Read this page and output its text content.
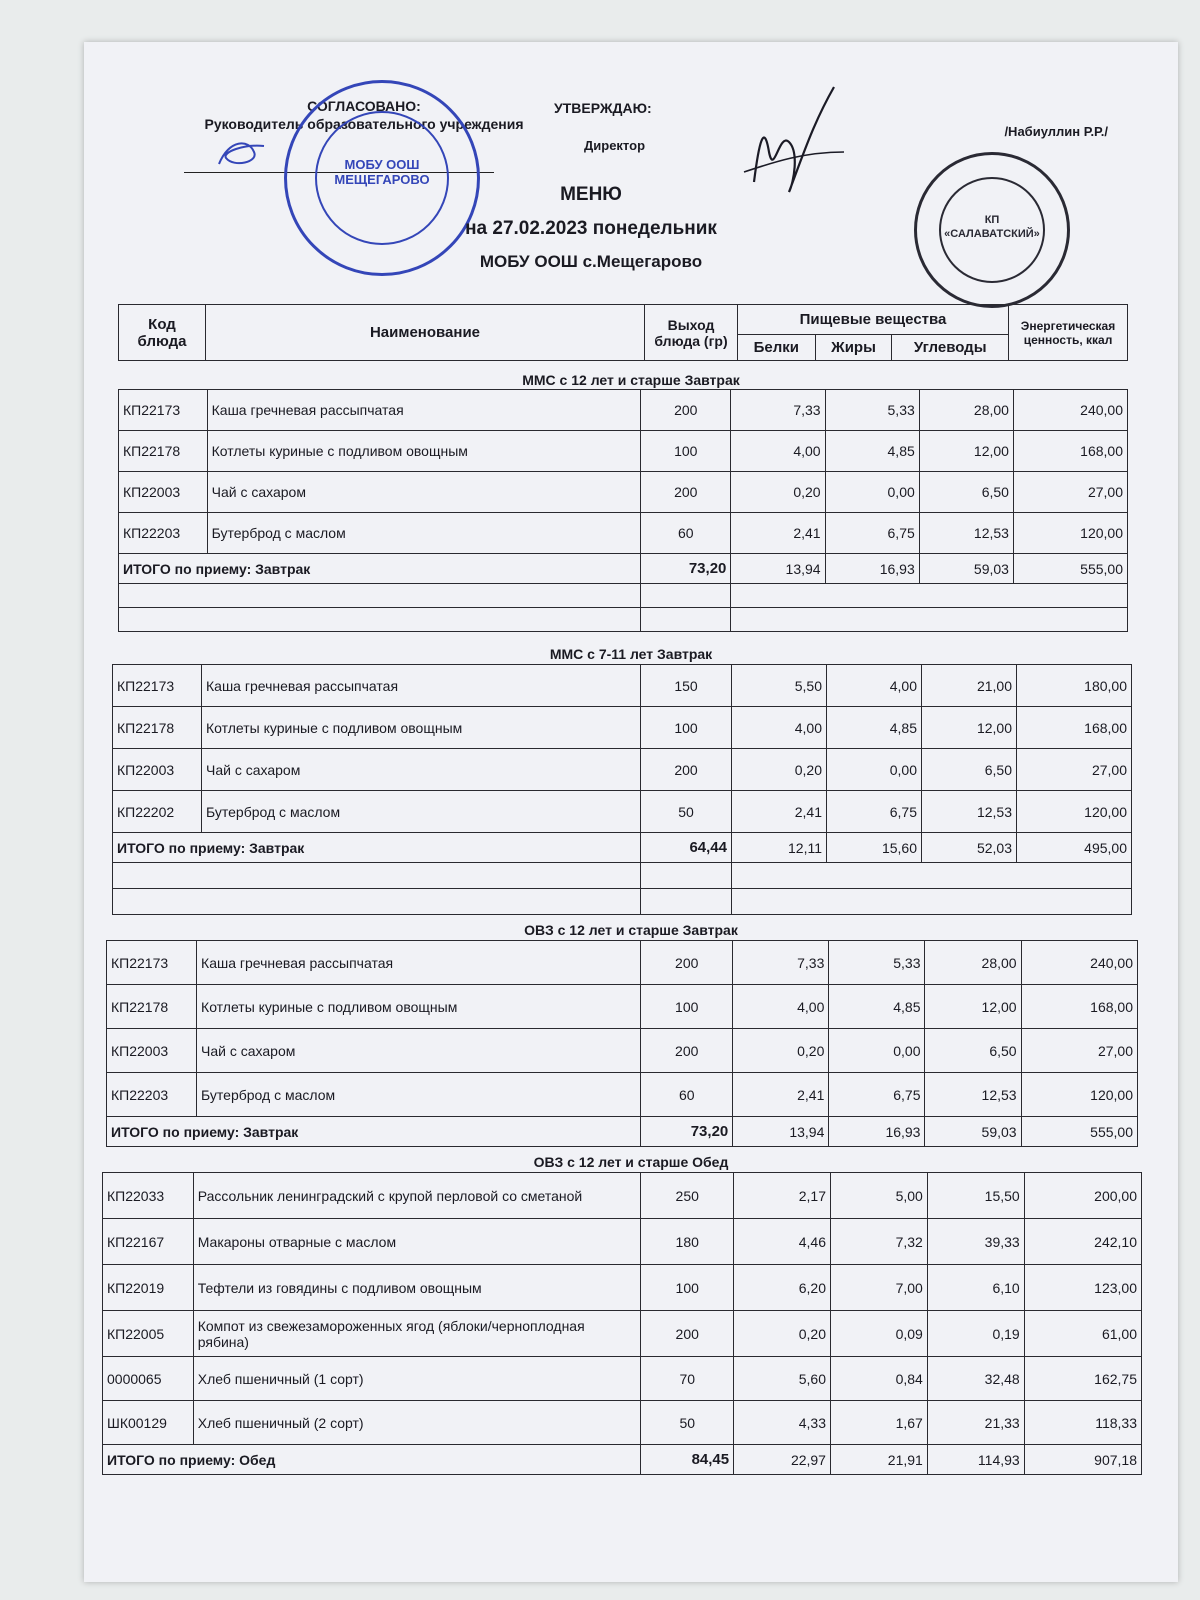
СОГЛАСОВАНО:
Руководитель образовательного учреждения
УТВЕРЖДАЮ:
Директор
/Набиуллин Р.Р./
МОБУ ООШ
МЕЩЕГАРОВО
КП
«САЛАВАТСКИЙ»
МЕНЮ
на 27.02.2023 понедельник
МОБУ ООШ с.Мещегарово
Код блюда	Наименование	Выход блюда (гр)	Пищевые вещества			Энергетическая ценность, ккал
			Белки	Жиры	Углеводы	
ММС с 12 лет и старше Завтрак
КП22173	Каша гречневая рассыпчатая	200	7,33	5,33	28,00	240,00
КП22178	Котлеты куриные с подливом овощным	100	4,00	4,85	12,00	168,00
КП22003	Чай с сахаром	200	0,20	0,00	6,50	27,00
КП22203	Бутерброд с маслом	60	2,41	6,75	12,53	120,00
ИТОГО по приему: Завтрак		73,20	13,94	16,93	59,03	555,00

ММС с 7-11 лет Завтрак
КП22173	Каша гречневая рассыпчатая	150	5,50	4,00	21,00	180,00
КП22178	Котлеты куриные с подливом овощным	100	4,00	4,85	12,00	168,00
КП22003	Чай с сахаром	200	0,20	0,00	6,50	27,00
КП22202	Бутерброд с маслом	50	2,41	6,75	12,53	120,00
ИТОГО по приему: Завтрак		64,44	12,11	15,60	52,03	495,00

ОВЗ с 12 лет и старше Завтрак
КП22173	Каша гречневая рассыпчатая	200	7,33	5,33	28,00	240,00
КП22178	Котлеты куриные с подливом овощным	100	4,00	4,85	12,00	168,00
КП22003	Чай с сахаром	200	0,20	0,00	6,50	27,00
КП22203	Бутерброд с маслом	60	2,41	6,75	12,53	120,00
ИТОГО по приему: Завтрак		73,20	13,94	16,93	59,03	555,00
ОВЗ с 12 лет и старше Обед
КП22033	Рассольник ленинградский с крупой перловой со сметаной	250	2,17	5,00	15,50	200,00
КП22167	Макароны отварные с маслом	180	4,46	7,32	39,33	242,10
КП22019	Тефтели из говядины с подливом овощным	100	6,20	7,00	6,10	123,00
КП22005	Компот из свежезамороженных ягод (яблоки/черноплодная рябина)	200	0,20	0,09	0,19	61,00
0000065	Хлеб пшеничный (1 сорт)	70	5,60	0,84	32,48	162,75
ШК00129	Хлеб пшеничный (2 сорт)	50	4,33	1,67	21,33	118,33
ИТОГО по приему: Обед		84,45	22,97	21,91	114,93	907,18
